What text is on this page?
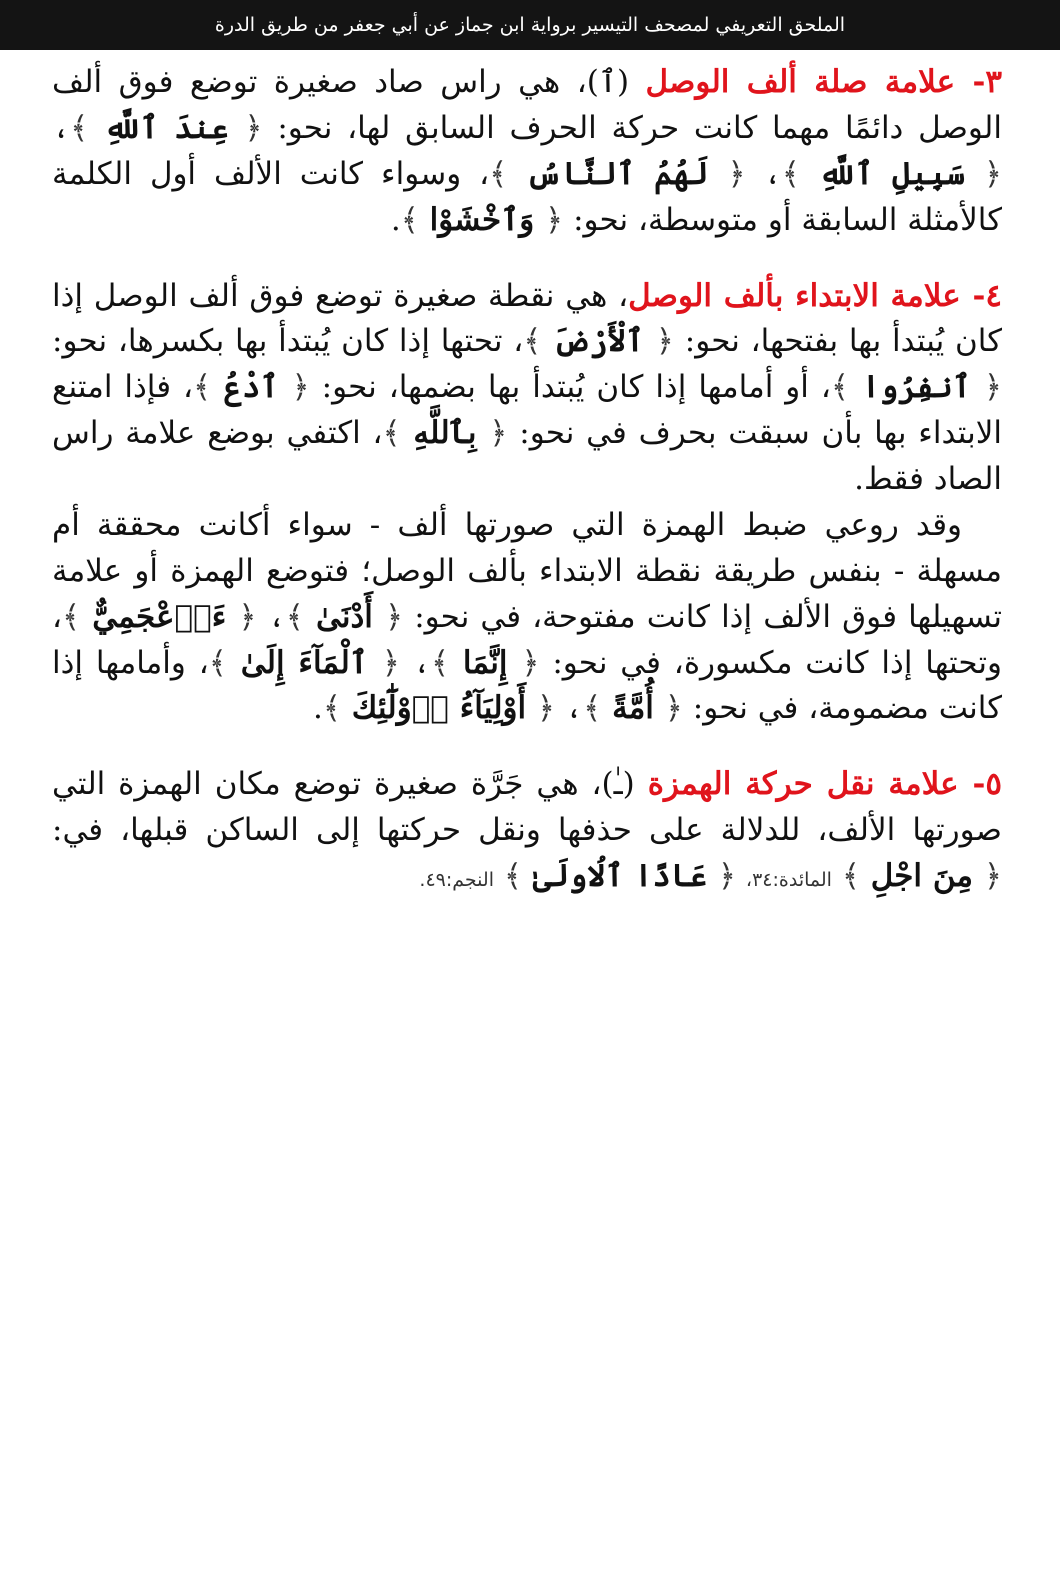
الملحق التعريفي لمصحف التيسير برواية ابن جماز عن أبي جعفر من طريق الدرة

٣- علامة صلة ألف الوصل (ٱ)، هي راس صاد صغيرة توضع فوق ألف الوصل دائمًا مهما كانت حركة الحرف السابق لها، نحو: ﴿ عِندَ ٱللَّهِ ﴾، ﴿ سَبِيلِ ٱللَّهِ ﴾، ﴿ لَهُمُ ٱلنَّاسُ ﴾، وسواء كانت الألف أول الكلمة كالأمثلة السابقة أو متوسطة، نحو: ﴿ وَٱخْشَوْا ﴾.

٤- علامة الابتداء بألف الوصل، هي نقطة صغيرة توضع فوق ألف الوصل إذا كان يُبتدأ بها بفتحها، نحو: ﴿ ٱلْأَرْضَ ﴾، تحتها إذا كان يُبتدأ بها بكسرها، نحو: ﴿ ٱنفِرُوا ﴾، أو أمامها إذا كان يُبتدأ بها بضمها، نحو: ﴿ ٱدْعُ ﴾، فإذا امتنع الابتداء بها بأن سبقت بحرف في نحو: ﴿ بِٱللَّهِ ﴾، اكتفي بوضع علامة راس الصاد فقط.

وقد روعي ضبط الهمزة التي صورتها ألف - سواء أكانت محققة أم مسهلة - بنفس طريقة نقطة الابتداء بألف الوصل؛ فتوضع الهمزة أو علامة تسهيلها فوق الألف إذا كانت مفتوحة، في نحو: ﴿ أَدْنَىٰ ﴾، ﴿ ءَا۬عْجَمِيٌّ ﴾، وتحتها إذا كانت مكسورة، في نحو: ﴿ إِنَّمَا ﴾، ﴿ ٱلْمَآءَ إِلَىٰ ﴾، وأمامها إذا كانت مضمومة، في نحو: ﴿ أُمَّةً ﴾، ﴿ أَوْلِيَآءُ ا۬وْلَٰٓئِكَ ﴾.

٥- علامة نقل حركة الهمزة (ـٰ)، هي جَرَّة صغيرة توضع مكان الهمزة التي صورتها الألف، للدلالة على حذفها ونقل حركتها إلى الساكن قبلها، في: ﴿ مِنَ اجْلِ ﴾ المائدة:٣٤، ﴿ عَادًا ٱلُاولَىٰ ﴾ النجم:٤٩.
